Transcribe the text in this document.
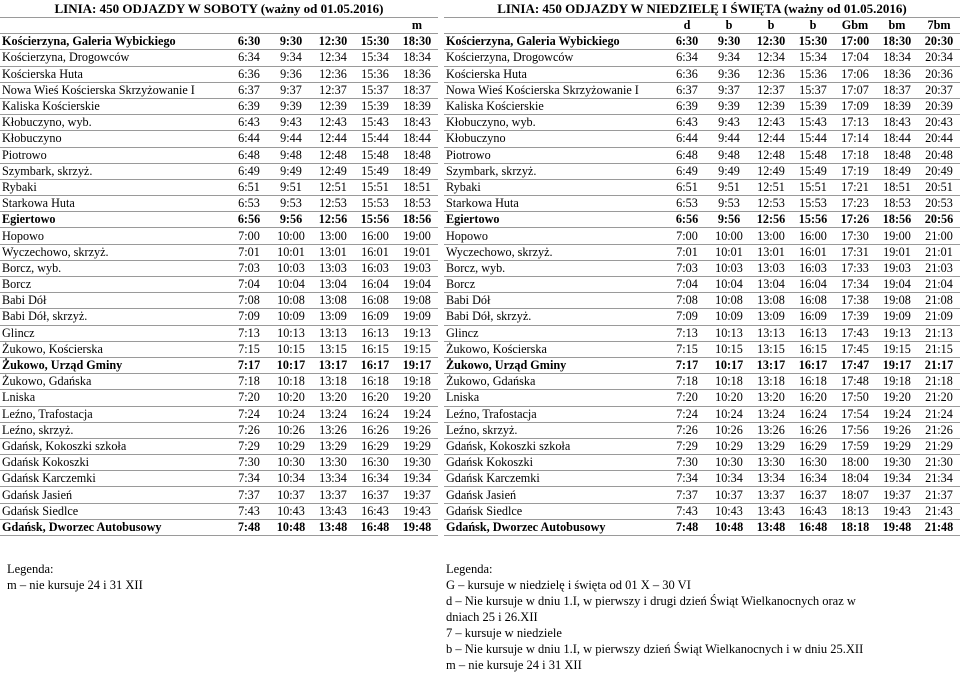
LINIA: 450 ODJAZDY W SOBOTY (ważny od 01.05.2016)
					m
Kościerzyna, Galeria Wybickiego	6:30	9:30	12:30	15:30	18:30
Kościerzyna, Drogowców	6:34	9:34	12:34	15:34	18:34
Kościerska Huta	6:36	9:36	12:36	15:36	18:36
Nowa Wieś Kościerska Skrzyżowanie I	6:37	9:37	12:37	15:37	18:37
Kaliska Kościerskie	6:39	9:39	12:39	15:39	18:39
Kłobuczyno, wyb.	6:43	9:43	12:43	15:43	18:43
Kłobuczyno	6:44	9:44	12:44	15:44	18:44
Piotrowo	6:48	9:48	12:48	15:48	18:48
Szymbark, skrzyż.	6:49	9:49	12:49	15:49	18:49
Rybaki	6:51	9:51	12:51	15:51	18:51
Starkowa Huta	6:53	9:53	12:53	15:53	18:53
Egiertowo	6:56	9:56	12:56	15:56	18:56
Hopowo	7:00	10:00	13:00	16:00	19:00
Wyczechowo, skrzyż.	7:01	10:01	13:01	16:01	19:01
Borcz, wyb.	7:03	10:03	13:03	16:03	19:03
Borcz	7:04	10:04	13:04	16:04	19:04
Babi Dół	7:08	10:08	13:08	16:08	19:08
Babi Dół, skrzyż.	7:09	10:09	13:09	16:09	19:09
Glincz	7:13	10:13	13:13	16:13	19:13
Żukowo, Kościerska	7:15	10:15	13:15	16:15	19:15
Żukowo, Urząd Gminy	7:17	10:17	13:17	16:17	19:17
Żukowo, Gdańska	7:18	10:18	13:18	16:18	19:18
Lniska	7:20	10:20	13:20	16:20	19:20
Leźno, Trafostacja	7:24	10:24	13:24	16:24	19:24
Leźno, skrzyż.	7:26	10:26	13:26	16:26	19:26
Gdańsk, Kokoszki szkoła	7:29	10:29	13:29	16:29	19:29
Gdańsk Kokoszki	7:30	10:30	13:30	16:30	19:30
Gdańsk Karczemki	7:34	10:34	13:34	16:34	19:34
Gdańsk Jasień	7:37	10:37	13:37	16:37	19:37
Gdańsk Siedlce	7:43	10:43	13:43	16:43	19:43
Gdańsk, Dworzec Autobusowy	7:48	10:48	13:48	16:48	19:48
LINIA: 450 ODJAZDY W NIEDZIELĘ I ŚWIĘTA (ważny od 01.05.2016)
	d	b	b	b	Gbm	bm	7bm
Kościerzyna, Galeria Wybickiego	6:30	9:30	12:30	15:30	17:00	18:30	20:30
Kościerzyna, Drogowców	6:34	9:34	12:34	15:34	17:04	18:34	20:34
Kościerska Huta	6:36	9:36	12:36	15:36	17:06	18:36	20:36
Nowa Wieś Kościerska Skrzyżowanie I	6:37	9:37	12:37	15:37	17:07	18:37	20:37
Kaliska Kościerskie	6:39	9:39	12:39	15:39	17:09	18:39	20:39
Kłobuczyno, wyb.	6:43	9:43	12:43	15:43	17:13	18:43	20:43
Kłobuczyno	6:44	9:44	12:44	15:44	17:14	18:44	20:44
Piotrowo	6:48	9:48	12:48	15:48	17:18	18:48	20:48
Szymbark, skrzyż.	6:49	9:49	12:49	15:49	17:19	18:49	20:49
Rybaki	6:51	9:51	12:51	15:51	17:21	18:51	20:51
Starkowa Huta	6:53	9:53	12:53	15:53	17:23	18:53	20:53
Egiertowo	6:56	9:56	12:56	15:56	17:26	18:56	20:56
Hopowo	7:00	10:00	13:00	16:00	17:30	19:00	21:00
Wyczechowo, skrzyż.	7:01	10:01	13:01	16:01	17:31	19:01	21:01
Borcz, wyb.	7:03	10:03	13:03	16:03	17:33	19:03	21:03
Borcz	7:04	10:04	13:04	16:04	17:34	19:04	21:04
Babi Dół	7:08	10:08	13:08	16:08	17:38	19:08	21:08
Babi Dół, skrzyż.	7:09	10:09	13:09	16:09	17:39	19:09	21:09
Glincz	7:13	10:13	13:13	16:13	17:43	19:13	21:13
Żukowo, Kościerska	7:15	10:15	13:15	16:15	17:45	19:15	21:15
Żukowo, Urząd Gminy	7:17	10:17	13:17	16:17	17:47	19:17	21:17
Żukowo, Gdańska	7:18	10:18	13:18	16:18	17:48	19:18	21:18
Lniska	7:20	10:20	13:20	16:20	17:50	19:20	21:20
Leźno, Trafostacja	7:24	10:24	13:24	16:24	17:54	19:24	21:24
Leźno, skrzyż.	7:26	10:26	13:26	16:26	17:56	19:26	21:26
Gdańsk, Kokoszki szkoła	7:29	10:29	13:29	16:29	17:59	19:29	21:29
Gdańsk Kokoszki	7:30	10:30	13:30	16:30	18:00	19:30	21:30
Gdańsk Karczemki	7:34	10:34	13:34	16:34	18:04	19:34	21:34
Gdańsk Jasień	7:37	10:37	13:37	16:37	18:07	19:37	21:37
Gdańsk Siedlce	7:43	10:43	13:43	16:43	18:13	19:43	21:43
Gdańsk, Dworzec Autobusowy	7:48	10:48	13:48	16:48	18:18	19:48	21:48
Legenda:
m – nie kursuje 24 i 31 XII
Legenda:
G – kursuje w niedzielę i święta od 01 X – 30 VI
d – Nie kursuje w dniu 1.I, w pierwszy i drugi dzień Świąt Wielkanocnych oraz w dniach 25 i 26.XII
7 – kursuje w niedziele
b – Nie kursuje w dniu 1.I, w pierwszy dzień Świąt Wielkanocnych i w dniu 25.XII
m – nie kursuje 24 i 31 XII
